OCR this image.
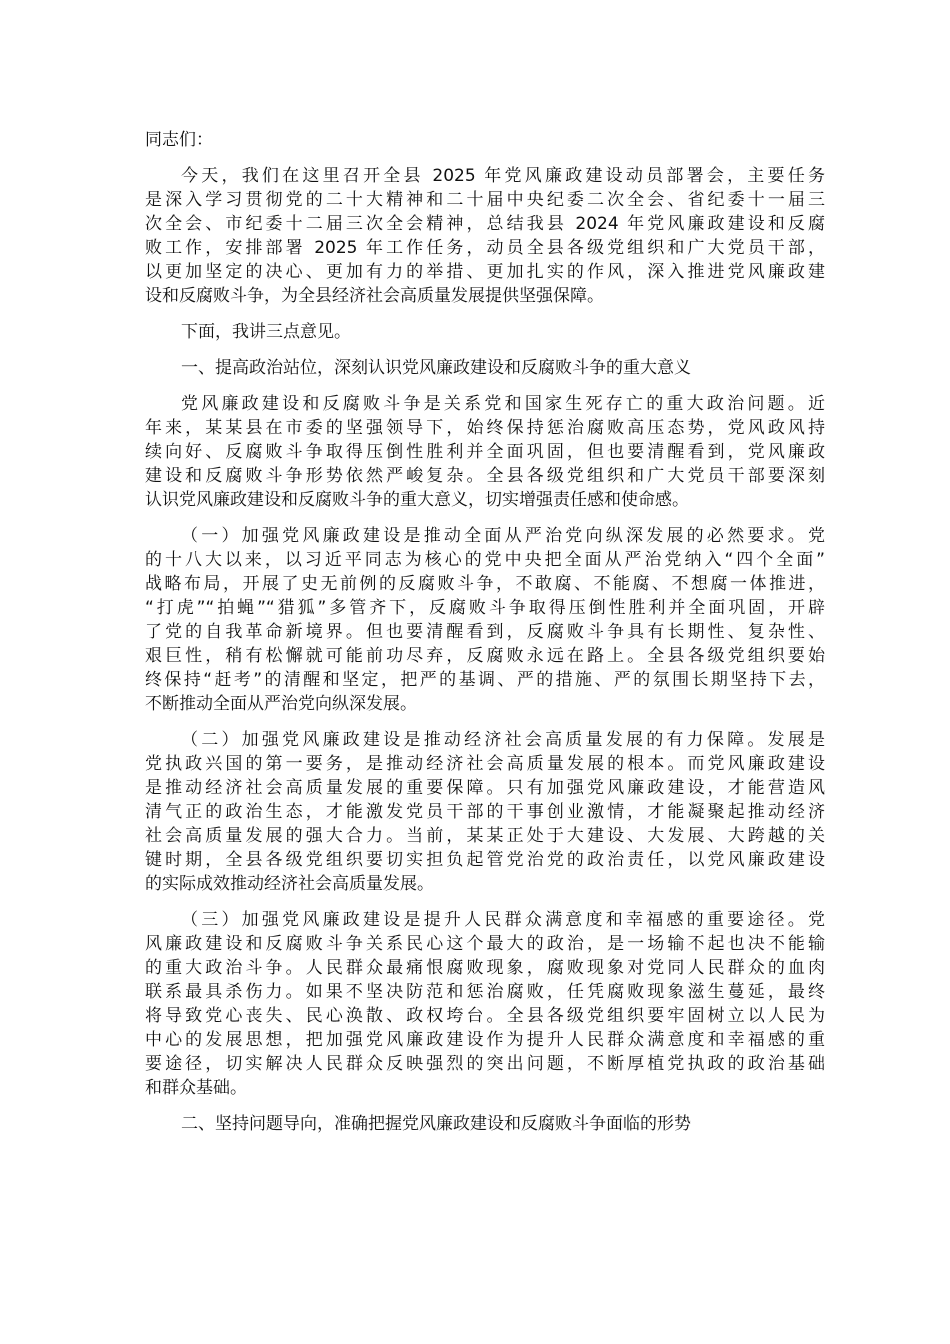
同志们：

今天，我们在这里召开全县 2025 年党风廉政建设动员部署会，主要任务

是深入学习贯彻党的二十大精神和二十届中央纪委二次全会、省纪委十一届三

次全会、市纪委十二届三次全会精神，总结我县 2024 年党风廉政建设和反腐

败工作，安排部署 2025 年工作任务，动员全县各级党组织和广大党员干部，

以更加坚定的决心、更加有力的举措、更加扎实的作风，深入推进党风廉政建

设和反腐败斗争，为全县经济社会高质量发展提供坚强保障。

下面，我讲三点意见。

一、提高政治站位，深刻认识党风廉政建设和反腐败斗争的重大意义

党风廉政建设和反腐败斗争是关系党和国家生死存亡的重大政治问题。近

年来，某某县在市委的坚强领导下，始终保持惩治腐败高压态势，党风政风持

续向好、反腐败斗争取得压倒性胜利并全面巩固，但也要清醒看到，党风廉政

建设和反腐败斗争形势依然严峻复杂。全县各级党组织和广大党员干部要深刻

认识党风廉政建设和反腐败斗争的重大意义，切实增强责任感和使命感。

（一）加强党风廉政建设是推动全面从严治党向纵深发展的必然要求。党

的十八大以来，以习近平同志为核心的党中央把全面从严治党纳入“四个全面”

战略布局，开展了史无前例的反腐败斗争，不敢腐、不能腐、不想腐一体推进，

“打虎”“拍蝇”“猎狐”多管齐下，反腐败斗争取得压倒性胜利并全面巩固，开辟

了党的自我革命新境界。但也要清醒看到，反腐败斗争具有长期性、复杂性、

艰巨性，稍有松懈就可能前功尽弃，反腐败永远在路上。全县各级党组织要始

终保持“赶考”的清醒和坚定，把严的基调、严的措施、严的氛围长期坚持下去，

不断推动全面从严治党向纵深发展。

（二）加强党风廉政建设是推动经济社会高质量发展的有力保障。发展是

党执政兴国的第一要务，是推动经济社会高质量发展的根本。而党风廉政建设

是推动经济社会高质量发展的重要保障。只有加强党风廉政建设，才能营造风

清气正的政治生态，才能激发党员干部的干事创业激情，才能凝聚起推动经济

社会高质量发展的强大合力。当前，某某正处于大建设、大发展、大跨越的关

键时期，全县各级党组织要切实担负起管党治党的政治责任，以党风廉政建设

的实际成效推动经济社会高质量发展。

（三）加强党风廉政建设是提升人民群众满意度和幸福感的重要途径。党

风廉政建设和反腐败斗争关系民心这个最大的政治，是一场输不起也决不能输

的重大政治斗争。人民群众最痛恨腐败现象，腐败现象对党同人民群众的血肉

联系最具杀伤力。如果不坚决防范和惩治腐败，任凭腐败现象滋生蔓延，最终

将导致党心丧失、民心涣散、政权垮台。全县各级党组织要牢固树立以人民为

中心的发展思想，把加强党风廉政建设作为提升人民群众满意度和幸福感的重

要途径，切实解决人民群众反映强烈的突出问题，不断厚植党执政的政治基础

和群众基础。

二、坚持问题导向，准确把握党风廉政建设和反腐败斗争面临的形势
